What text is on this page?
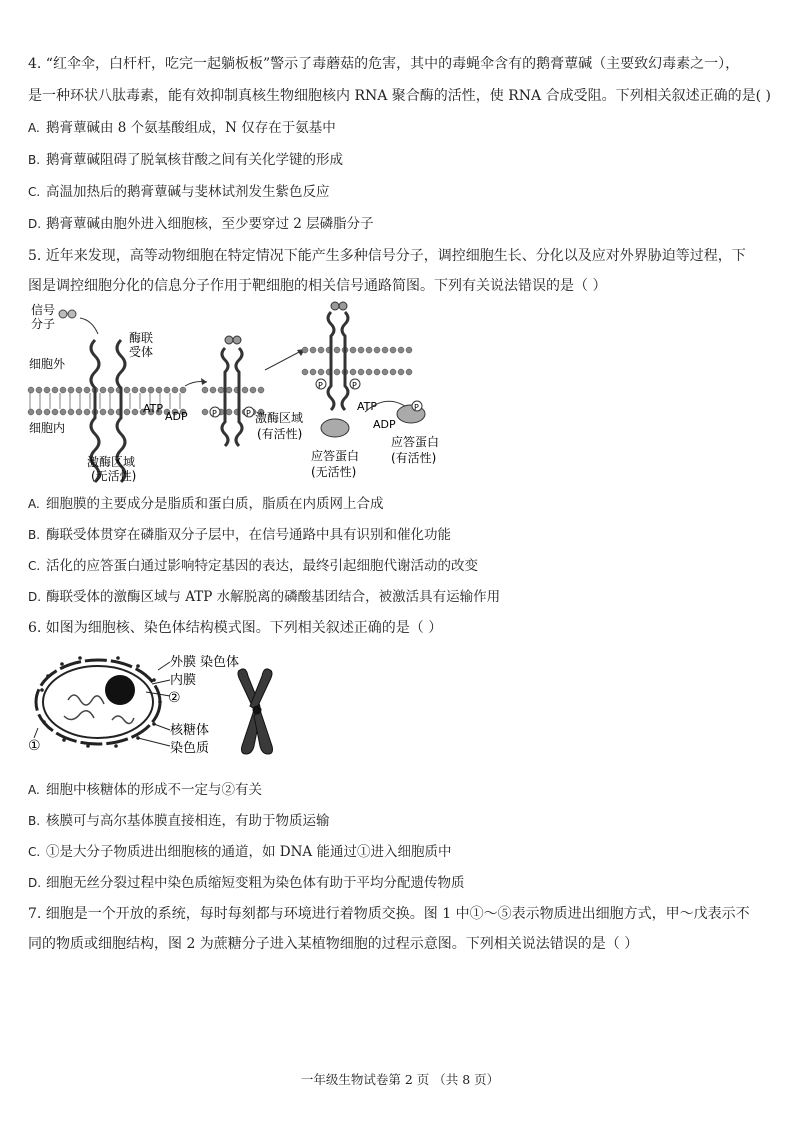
4. “红伞伞，白杆杆，吃完一起躺板板”警示了毒蘑菇的危害，其中的毒蝇伞含有的鹅膏蕈碱（主要致幻毒素之一），
是一种环状八肽毒素，能有效抑制真核生物细胞核内 RNA 聚合酶的活性，使 RNA 合成受阻。下列相关叙述正确的是( )
A. 鹅膏蕈碱由 8 个氨基酸组成，N 仅存在于氨基中
B. 鹅膏蕈碱阻碍了脱氧核苷酸之间有关化学键的形成
C. 高温加热后的鹅膏蕈碱与斐林试剂发生紫色反应
D. 鹅膏蕈碱由胞外进入细胞核，至少要穿过 2 层磷脂分子
5. 近年来发现，高等动物细胞在特定情况下能产生多种信号分子，调控细胞生长、分化以及应对外界胁迫等过程，下
图是调控细胞分化的信息分子作用于靶细胞的相关信号通路简图。下列有关说法错误的是（ ）
信号
分子
酶联
受体
细胞外
细胞内
激酶区域
(无活性)
ATP
ADP	P	P 激酶区域
(有活性)
P	P
ATP
ADP
P
应答蛋白
(有活性)
应答蛋白
(无活性)
A. 细胞膜的主要成分是脂质和蛋白质，脂质在内质网上合成
B. 酶联受体贯穿在磷脂双分子层中，在信号通路中具有识别和催化功能
C. 活化的应答蛋白通过影响特定基因的表达，最终引起细胞代谢活动的改变
D. 酶联受体的激酶区域与 ATP 水解脱离的磷酸基团结合，被激活具有运输作用
6. 如图为细胞核、染色体结构模式图。下列相关叙述正确的是（ ）
外膜
内膜
②
核糖体
染色质
①
染色体
A. 细胞中核糖体的形成不一定与②有关
B. 核膜可与高尔基体膜直接相连，有助于物质运输
C. ①是大分子物质进出细胞核的通道，如 DNA 能通过①进入细胞质中
D. 细胞无丝分裂过程中染色质缩短变粗为染色体有助于平均分配遗传物质
7. 细胞是一个开放的系统，每时每刻都与环境进行着物质交换。图 1 中①～⑤表示物质进出细胞方式，甲～戊表示不
同的物质或细胞结构，图 2 为蔗糖分子进入某植物细胞的过程示意图。下列相关说法错误的是（ ）
一年级生物试卷第 2 页 （共 8 页）
